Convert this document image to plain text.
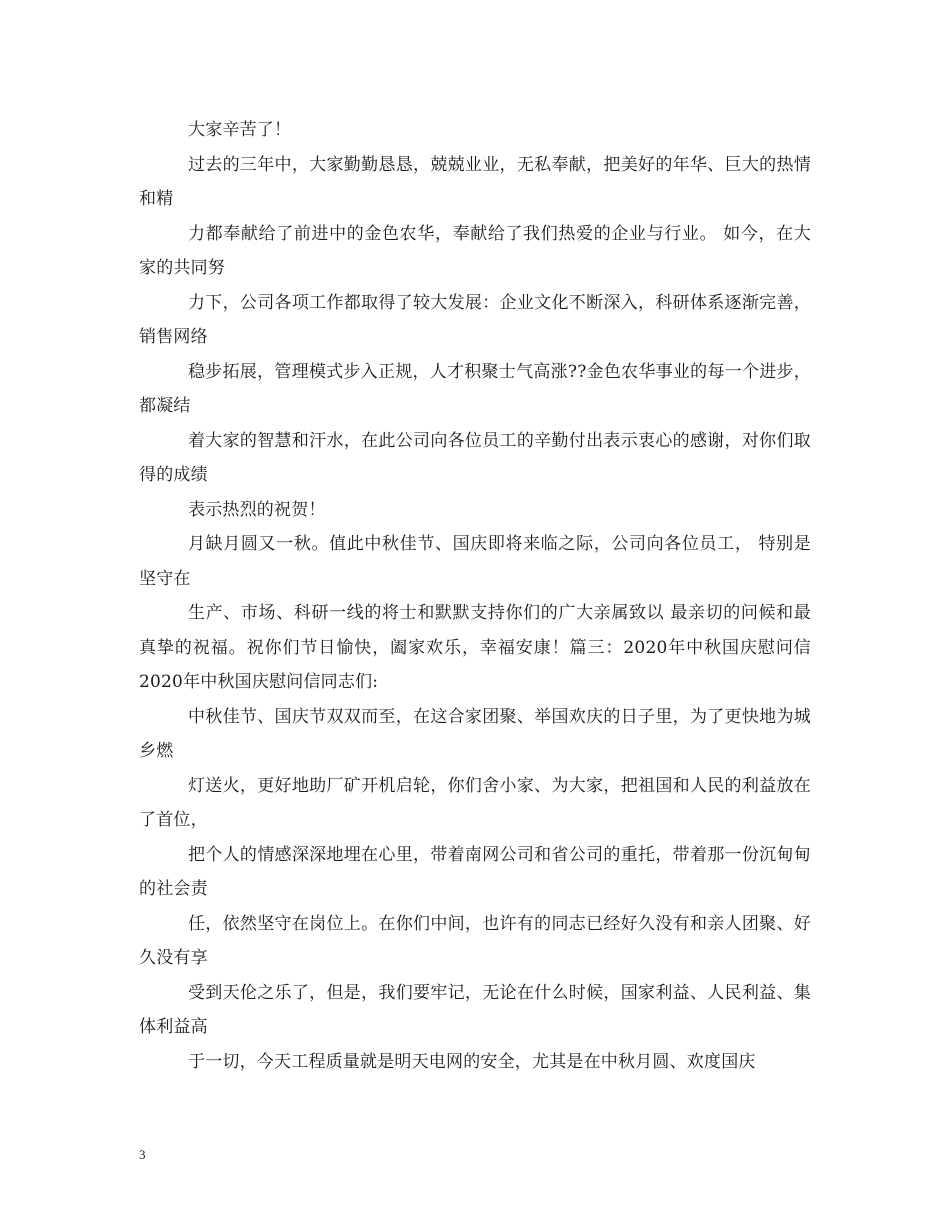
大家辛苦了！

过去的三年中，大家勤勤恳恳，兢兢业业，无私奉献，把美好的年华、巨大的热情和精

力都奉献给了前进中的金色农华，奉献给了我们热爱的企业与行业。 如今，在大家的共同努

力下，公司各项工作都取得了较大发展：企业文化不断深入，科研体系逐渐完善，销售网络

稳步拓展，管理模式步入正规，人才积聚士气高涨??金色农华事业的每一个进步，都凝结

着大家的智慧和汗水，在此公司向各位员工的辛勤付出表示衷心的感谢，对你们取得的成绩

表示热烈的祝贺！

月缺月圆又一秋。值此中秋佳节、国庆即将来临之际，公司向各位员工， 特别是坚守在

生产、市场、科研一线的将士和默默支持你们的广大亲属致以 最亲切的问候和最真挚的祝福。祝你们节日愉快，阖家欢乐，幸福安康！篇三：2020年中秋国庆慰问信 2020年中秋国庆慰问信同志们:

中秋佳节、国庆节双双而至，在这合家团聚、举国欢庆的日子里，为了更快地为城乡燃

灯送火，更好地助厂矿开机启轮，你们舍小家、为大家，把祖国和人民的利益放在了首位，

把个人的情感深深地埋在心里，带着南网公司和省公司的重托，带着那一份沉甸甸的社会责

任，依然坚守在岗位上。在你们中间，也许有的同志已经好久没有和亲人团聚、好久没有享

受到天伦之乐了，但是，我们要牢记，无论在什么时候，国家利益、人民利益、集体利益高

于一切，今天工程质量就是明天电网的安全，尤其是在中秋月圆、欢度国庆

3
